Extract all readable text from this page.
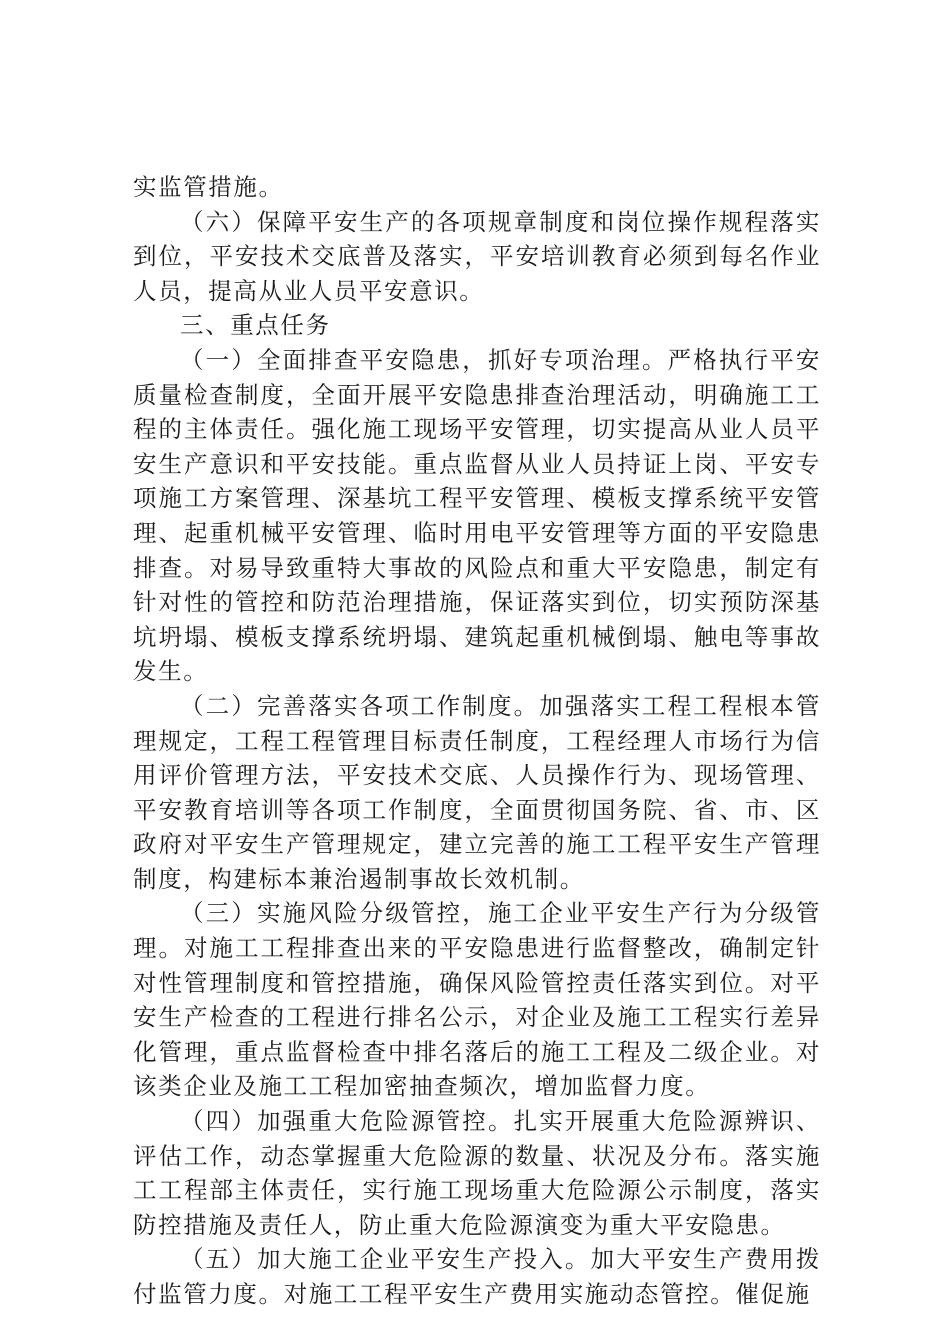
实监管措施。

（六）保障平安生产的各项规章制度和岗位操作规程落实到位，平安技术交底普及落实，平安培训教育必须到每名作业人员，提高从业人员平安意识。

三、重点任务

（一）全面排查平安隐患，抓好专项治理。严格执行平安质量检查制度，全面开展平安隐患排查治理活动，明确施工工程的主体责任。强化施工现场平安管理，切实提高从业人员平安生产意识和平安技能。重点监督从业人员持证上岗、平安专项施工方案管理、深基坑工程平安管理、模板支撑系统平安管理、起重机械平安管理、临时用电平安管理等方面的平安隐患排查。对易导致重特大事故的风险点和重大平安隐患，制定有针对性的管控和防范治理措施，保证落实到位，切实预防深基坑坍塌、模板支撑系统坍塌、建筑起重机械倒塌、触电等事故发生。

（二）完善落实各项工作制度。加强落实工程工程根本管理规定，工程工程管理目标责任制度，工程经理人市场行为信用评价管理方法，平安技术交底、人员操作行为、现场管理、平安教育培训等各项工作制度，全面贯彻国务院、省、市、区政府对平安生产管理规定，建立完善的施工工程平安生产管理制度，构建标本兼治遏制事故长效机制。

（三）实施风险分级管控，施工企业平安生产行为分级管理。对施工工程排查出来的平安隐患进行监督整改，确制定针对性管理制度和管控措施，确保风险管控责任落实到位。对平安生产检查的工程进行排名公示，对企业及施工工程实行差异化管理，重点监督检查中排名落后的施工工程及二级企业。对该类企业及施工工程加密抽查频次，增加监督力度。

（四）加强重大危险源管控。扎实开展重大危险源辨识、评估工作，动态掌握重大危险源的数量、状况及分布。落实施工工程部主体责任，实行施工现场重大危险源公示制度，落实防控措施及责任人，防止重大危险源演变为重大平安隐患。

（五）加大施工企业平安生产投入。加大平安生产费用拨付监管力度。对施工工程平安生产费用实施动态管控。催促施
